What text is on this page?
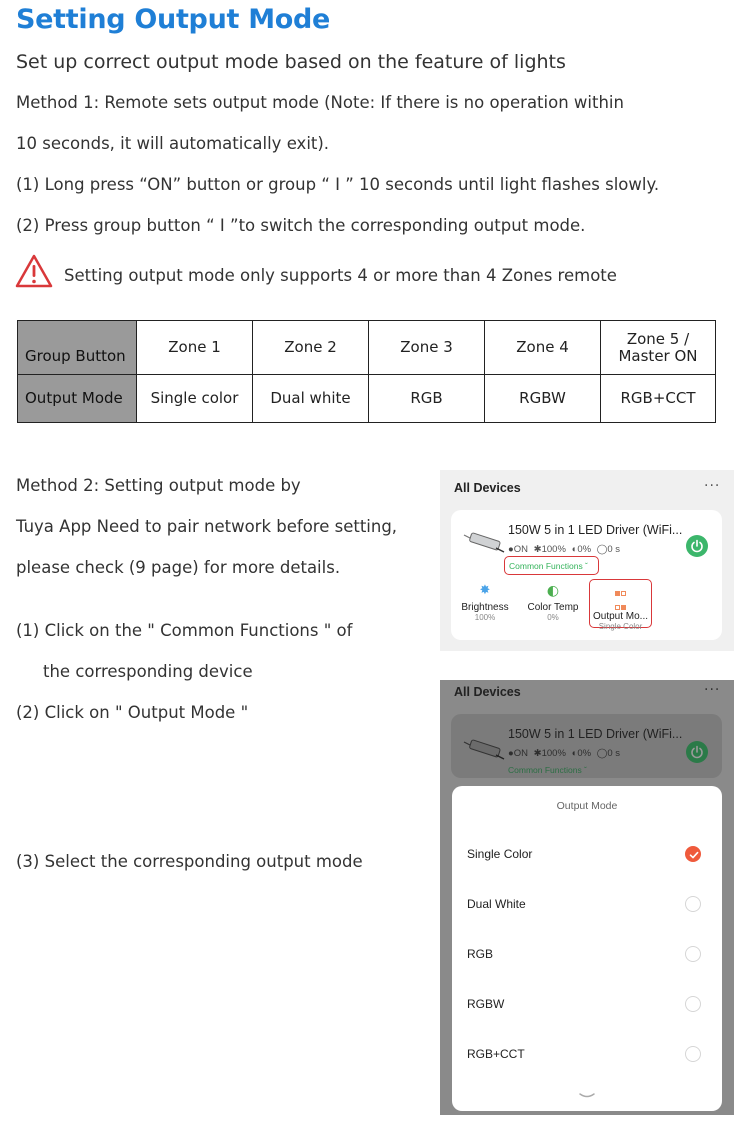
Setting Output Mode
Set up correct output mode based on the feature of lights
Method 1: Remote sets output mode (Note: If there is no operation within
10 seconds, it will automatically exit).
(1) Long press “ON” button or group “ I ” 10 seconds until light flashes slowly.
(2) Press group button “ I ”to switch the corresponding output mode.
Setting output mode only supports 4 or more than 4 Zones remote
Group Button	Zone 1	Zone 2	Zone 3	Zone 4	Zone 5 /
Master ON

Output Mode	Single color	Dual white	RGB	RGBW	RGB+CCT
Method 2: Setting output mode by
Tuya App Need to pair network before setting,
please check (9 page) for more details.
(1) Click on the " Common Functions " of
the corresponding device
(2) Click on " Output Mode "
(3) Select the corresponding output mode
All Devices	···
150W 5 in 1 LED Driver (WiFi...
●ON ✱100% ◐0% ◯0 s
Common Functions ˇ
✸
Brightness
100%
◐
Color Temp
0%	Output Mo...
Single Color
All Devices	···
150W 5 in 1 LED Driver (WiFi...
●ON ✱100% ◐0% ◯0 s
Common Functions ˇ
Output Mode
Single Color
Dual White
RGB
RGBW
RGB+CCT
